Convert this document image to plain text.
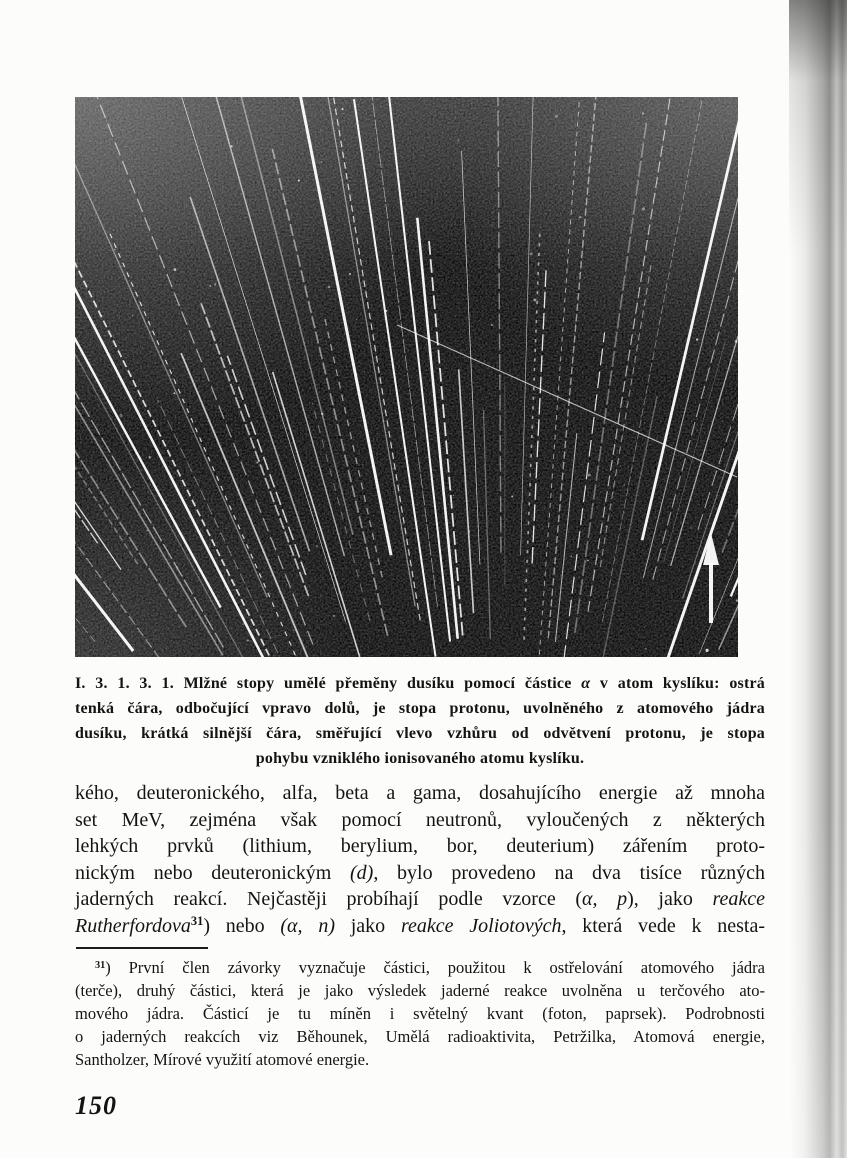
I. 3. 1. 3. 1. Mlžné stopy umělé přeměny dusíku pomocí částice α v atom kyslíku: ostrá
tenká čára, odbočující vpravo dolů, je stopa protonu, uvolněného z atomového jádra
dusíku, krátká silnější čára, směřující vlevo vzhůru od odvětvení protonu, je stopa
pohybu vzniklého ionisovaného atomu kyslíku.
kého, deuteronického, alfa, beta a gama, dosahujícího energie až mnoha
set MeV, zejména však pomocí neutronů, vyloučených z některých
lehkých prvků (lithium, berylium, bor, deuterium) zářením proto-
nickým nebo deuteronickým (d), bylo provedeno na dva tisíce různých
jaderných reakcí. Nejčastěji probíhají podle vzorce (α, p), jako reakce
Rutherfordova$^{31}$) nebo (α, n) jako reakce Joliotových, která vede k nesta-
$^{31}$) První člen závorky vyznačuje částici, použitou k ostřelování atomového jádra
(terče), druhý částici, která je jako výsledek jaderné reakce uvolněna u terčového ato-
mového jádra. Částicí je tu míněn i světelný kvant (foton, paprsek). Podrobnosti
o jaderných reakcích viz Běhounek, Umělá radioaktivita, Petržilka, Atomová energie,
Santholzer, Mírové využití atomové energie.
150
